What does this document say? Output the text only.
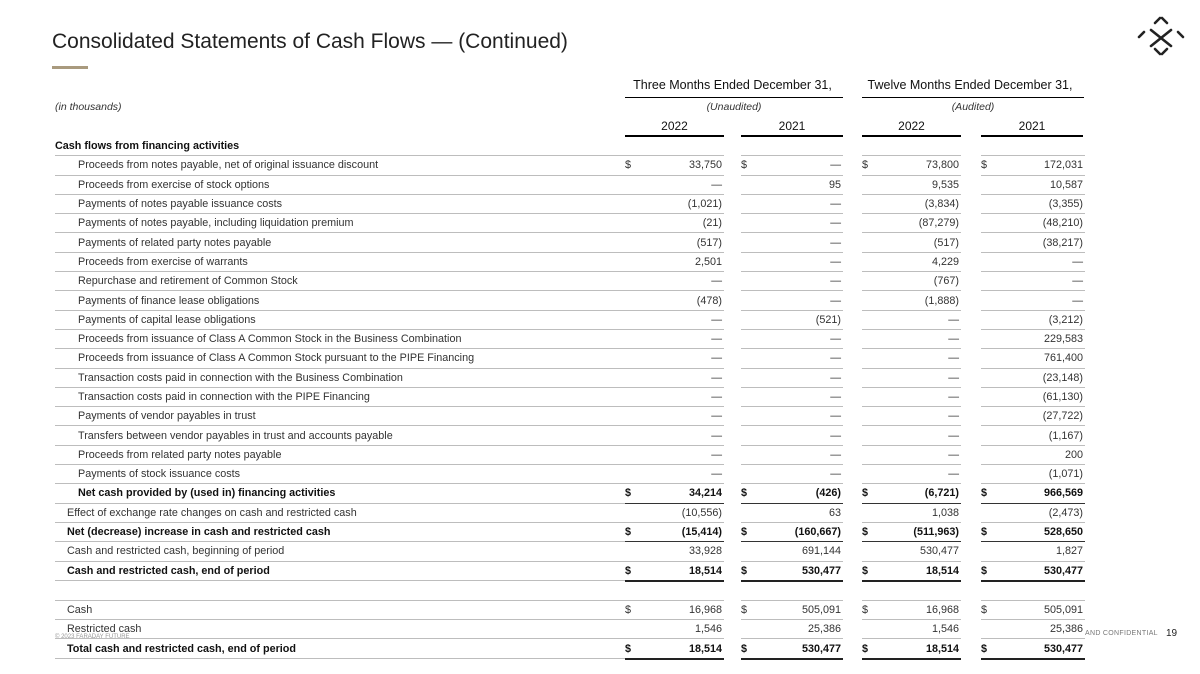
Consolidated Statements of Cash Flows — (Continued)
Three Months Ended December 31,	Twelve Months Ended December 31,
(Unaudited)	(Audited)
(in thousands)
2022	2021	2022	2021
Cash flows from financing activities							
Proceeds from notes payable, net of original issuance discount	$ 33,750		$ —		$ 73,800		$ 172,031

Proceeds from exercise of stock options	—		95		9,535		10,587

Payments of notes payable issuance costs	(1,021)		—		(3,834)		(3,355)

Payments of notes payable, including liquidation premium	(21)		—		(87,279)		(48,210)

Payments of related party notes payable	(517)		—		(517)		(38,217)

Proceeds from exercise of warrants	2,501		—		4,229		—

Repurchase and retirement of Common Stock	—		—		(767)		—

Payments of finance lease obligations	(478)		—		(1,888)		—

Payments of capital lease obligations	—		(521)		—		(3,212)

Proceeds from issuance of Class A Common Stock in the Business Combination	—		—		—		229,583

Proceeds from issuance of Class A Common Stock pursuant to the PIPE Financing	—		—		—		761,400

Transaction costs paid in connection with the Business Combination	—		—		—		(23,148)

Transaction costs paid in connection with the PIPE Financing	—		—		—		(61,130)

Payments of vendor payables in trust	—		—		—		(27,722)

Transfers between vendor payables in trust and accounts payable	—		—		—		(1,167)

Proceeds from related party notes payable	—		—		—		200

Payments of stock issuance costs	—		—		—		(1,071)

Net cash provided by (used in) financing activities	$ 34,214		$ (426)		$ (6,721)		$ 966,569

Effect of exchange rate changes on cash and restricted cash	(10,556)		63		1,038		(2,473)

Net (decrease) increase in cash and restricted cash	$ (15,414)		$ (160,667)		$ (511,963)		$ 528,650

Cash and restricted cash, beginning of period	33,928		691,144		530,477		1,827

Cash and restricted cash, end of period	$ 18,514		$ 530,477		$ 18,514		$ 530,477

Cash	$ 16,968		$ 505,091		$ 16,968		$ 505,091

Restricted cash	1,546		25,386		1,546		25,386

Total cash and restricted cash, end of period	$ 18,514		$ 530,477		$ 18,514		$ 530,477
© 2023 FARADAY FUTURE	AND CONFIDENTIAL 19
